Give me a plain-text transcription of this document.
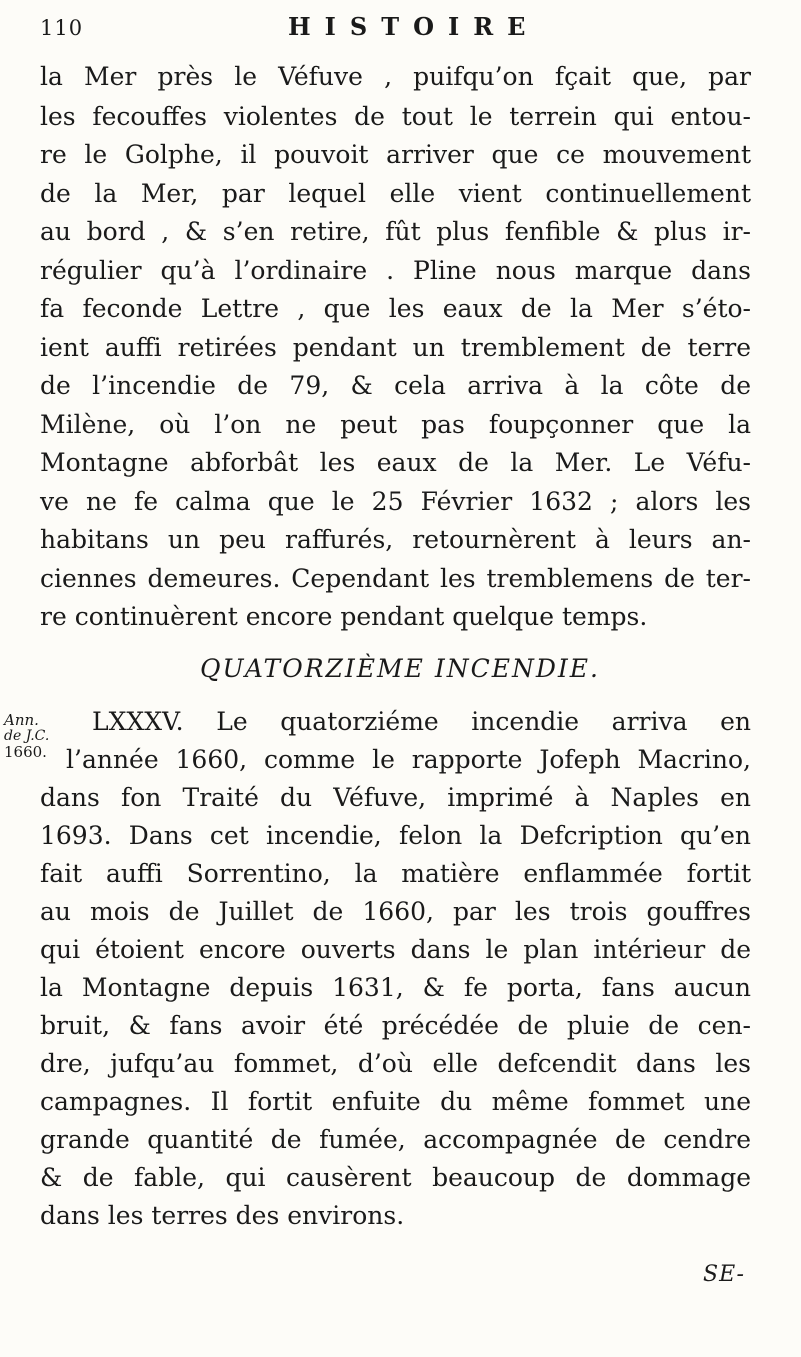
110	HISTOIRE
la Mer près le Véfuve , puifqu’on fçait que, par
les fecouffes violentes de tout le terrein qui entou-
re le Golphe, il pouvoit arriver que ce mouvement
de la Mer, par lequel elle vient continuellement
au bord , & s’en retire, fût plus fenfible & plus ir-
régulier qu’à l’ordinaire . Pline nous marque dans
fa feconde Lettre , que les eaux de la Mer s’éto-
ient auffi retirées pendant un tremblement de terre
de l’incendie de 79, & cela arriva à la côte de
Milène, où l’on ne peut pas foupçonner que la
Montagne abforbât les eaux de la Mer. Le Véfu-
ve ne fe calma que le 25 Février 1632 ; alors les
habitans un peu raffurés, retournèrent à leurs an-
ciennes demeures. Cependant les tremblemens de ter-
re continuèrent encore pendant quelque temps.
QUATORZIÈME INCENDIE.
Ann.
de J.C.
1660.
LXXXV. Le quatorziéme incendie arriva en
l’année 1660, comme le rapporte Jofeph Macrino,
dans fon Traité du Véfuve, imprimé à Naples en
1693. Dans cet incendie, felon la Defcription qu’en
fait auffi Sorrentino, la matière enflammée fortit
au mois de Juillet de 1660, par les trois gouffres
qui étoient encore ouverts dans le plan intérieur de
la Montagne depuis 1631, & fe porta, fans aucun
bruit, & fans avoir été précédée de pluie de cen-
dre, jufqu’au fommet, d’où elle defcendit dans les
campagnes. Il fortit enfuite du même fommet une
grande quantité de fumée, accompagnée de cendre
& de fable, qui causèrent beaucoup de dommage
dans les terres des environs.
SE-
